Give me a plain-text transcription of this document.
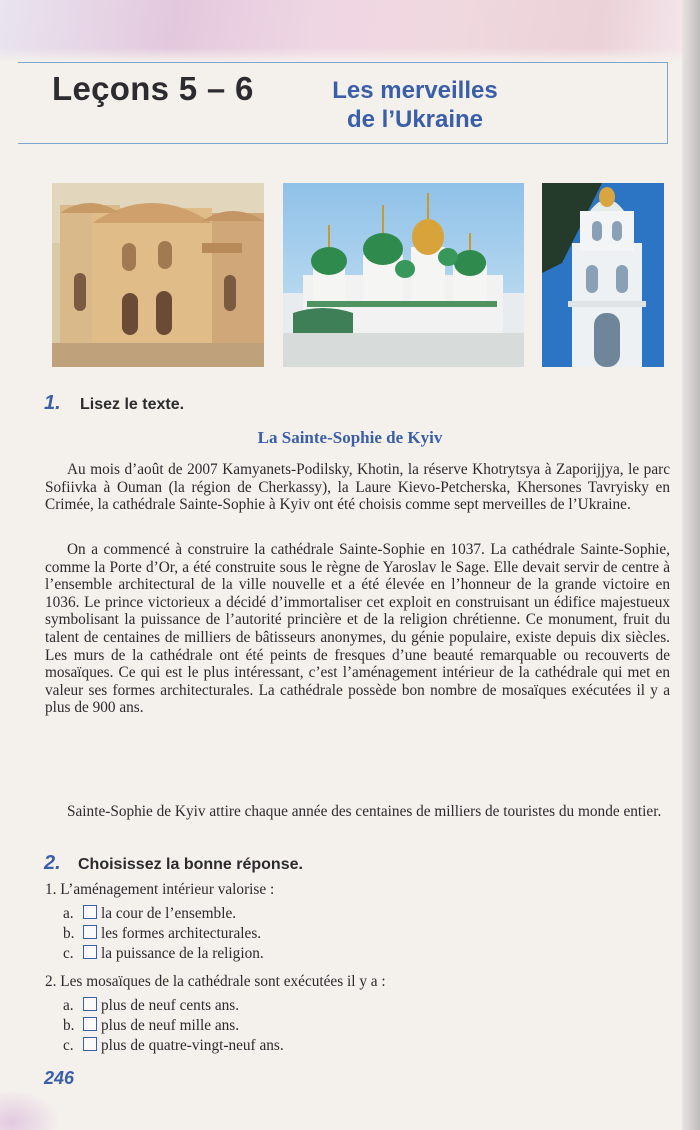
Leçons 5 – 6	Les merveilles
de l’Ukraine
1. Lisez le texte.
La Sainte-Sophie de Kyiv

Au mois d’août de 2007 Kamyanets-Podilsky, Khotin, la réserve Khotrytsya à Zaporijjya, le parc Sofiivka à Ouman (la région de Cherkassy), la Laure Kievo-Petcherska, Khersones Tavryisky en Crimée, la cathédrale Sainte-Sophie à Kyiv ont été choisis comme sept merveilles de l’Ukraine.

On a commencé à construire la cathédrale Sainte-Sophie en 1037. La cathédrale Sainte-Sophie, comme la Porte d’Or, a été construite sous le règne de Yaroslav le Sage. Elle devait servir de centre à l’ensemble architectural de la ville nouvelle et a été élevée en l’honneur de la grande victoire en 1036. Le prince victorieux a décidé d’immortaliser cet exploit en construisant un édifice majestueux symbolisant la puissance de l’autorité princière et de la religion chrétienne. Ce monument, fruit du talent de centaines de milliers de bâtisseurs anonymes, du génie populaire, existe depuis dix siècles. Les murs de la cathédrale ont été peints de fresques d’une beauté remarquable ou recouverts de mosaïques. Ce qui est le plus intéressant, c’est l’aménagement intérieur de la cathédrale qui met en valeur ses formes architecturales. La cathédrale possède bon nombre de mosaïques exécutées il y a plus de 900 ans.

Sainte-Sophie de Kyiv attire chaque année des centaines de milliers de touristes du monde entier.

2. Choisissez la bonne réponse.

1. L’aménagement intérieur valorise :

a. la cour de l’ensemble.
b. les formes architecturales.
c. la puissance de la religion.

2. Les mosaïques de la cathédrale sont exécutées il y a :

a. plus de neuf cents ans.
b. plus de neuf mille ans.
c. plus de quatre-vingt-neuf ans.
246
